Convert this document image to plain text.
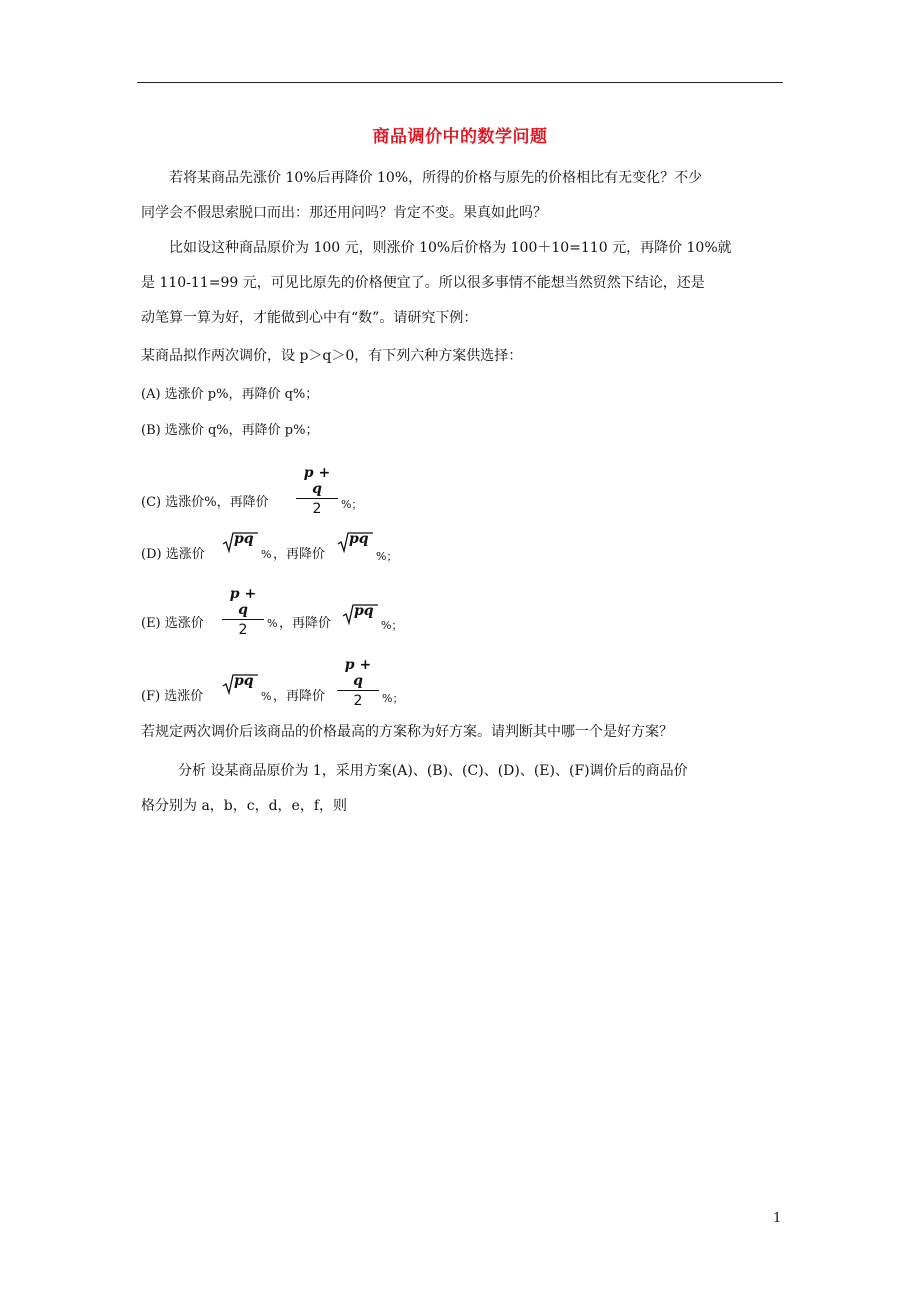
商品调价中的数学问题
若将某商品先涨价 10%后再降价 10%，所得的价格与原先的价格相比有无变化？不少
同学会不假思索脱口而出：那还用问吗？肯定不变。果真如此吗？
比如设这种商品原价为 100 元，则涨价 10%后价格为 100＋10=110 元，再降价 10%就
是 110-11=99 元，可见比原先的价格便宜了。所以很多事情不能想当然贸然下结论，还是
动笔算一算为好，才能做到心中有“数”。请研究下例：
某商品拟作两次调价，设 p＞q＞0，有下列六种方案供选择：
(A) 选涨价 p%，再降价 q%；
(B) 选涨价 q%，再降价 p%；
(C) 选涨价%，再降价
p + q
2	%；
(D) 选涨价
pq
% ，再降价
pq
%；
(E) 选涨价
p + q
2	% ，再降价
pq
%；
(F) 选涨价
pq
% ，再降价
p + q
2	%；
若规定两次调价后该商品的价格最高的方案称为好方案。请判断其中哪一个是好方案？
分析 设某商品原价为 1，采用方案(A)、(B)、(C)、(D)、(E)、(F)调价后的商品价
格分别为 a，b，c，d，e，f，则
1
